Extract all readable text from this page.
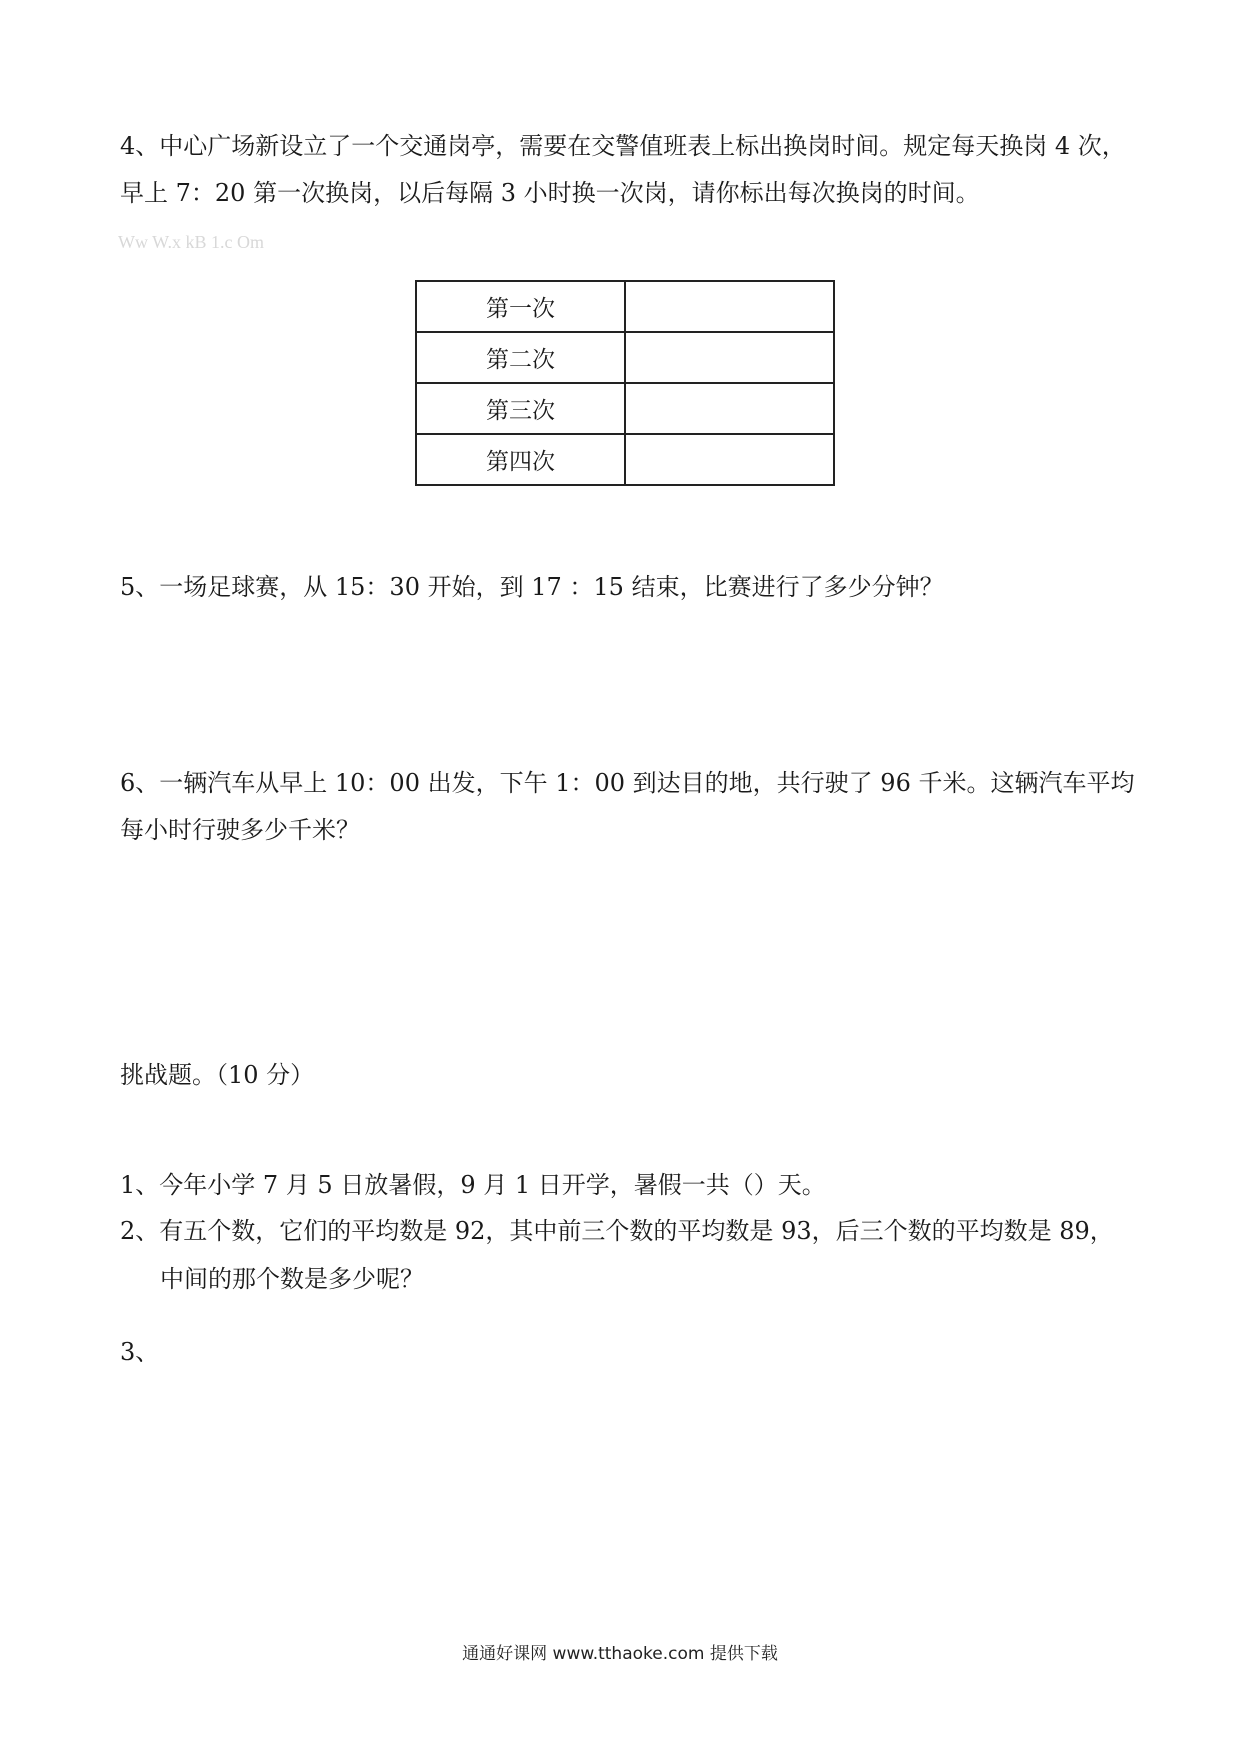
4、中心广场新设立了一个交通岗亭，需要在交警值班表上标出换岗时间。规定每天换岗 4 次，
早上 7：20 第一次换岗，以后每隔 3 小时换一次岗，请你标出每次换岗的时间。
Ww W.x kB 1.c Om
第一次	
第二次	
第三次	
第四次	
5、一场足球赛，从 15：30 开始，到 17 ：15 结束，比赛进行了多少分钟？
6、一辆汽车从早上 10：00 出发，下午 1：00 到达目的地，共行驶了 96 千米。这辆汽车平均
每小时行驶多少千米？
挑战题。（10 分）
1、今年小学 7 月 5 日放暑假，9 月 1 日开学，暑假一共（）天。
2、有五个数，它们的平均数是 92，其中前三个数的平均数是 93，后三个数的平均数是 89，
中间的那个数是多少呢？
3、
通通好课网 www.tthaoke.com 提供下载
